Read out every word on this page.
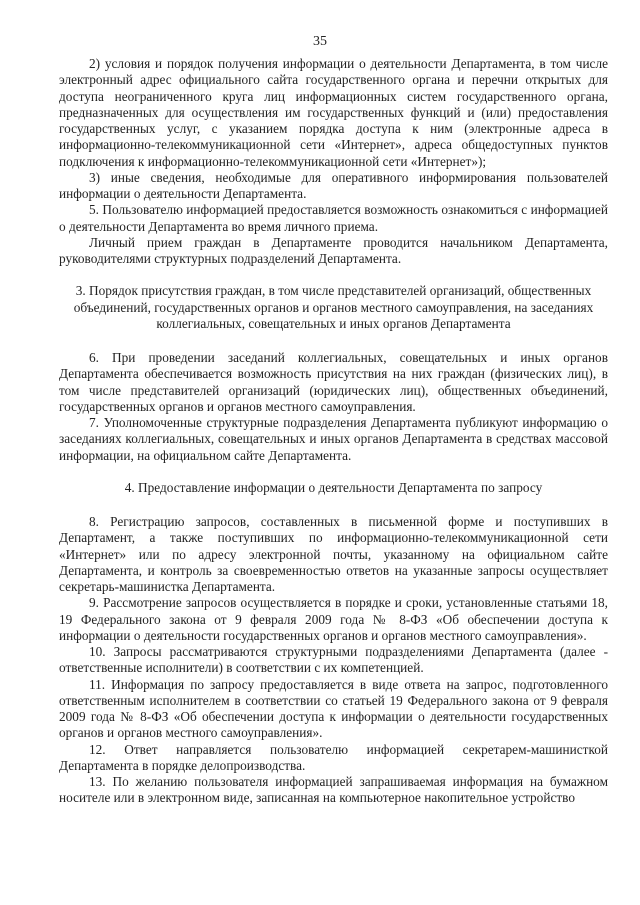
35

2) условия и порядок получения информации о деятельности Департамента, в том числе электронный адрес официального сайта государственного органа и перечни открытых для доступа неограниченного круга лиц информационных систем государственного органа, предназначенных для осуществления им государственных функций и (или) предоставления государственных услуг, с указанием порядка доступа к ним (электронные адреса в информационно-телекоммуникационной сети «Интернет», адреса общедоступных пунктов подключения к информационно-телекоммуникационной сети «Интернет»);

3) иные сведения, необходимые для оперативного информирования пользователей информации о деятельности Департамента.

5. Пользователю информацией предоставляется возможность ознакомиться с информацией о деятельности Департамента во время личного приема.

Личный прием граждан в Департаменте проводится начальником Департамента, руководителями структурных подразделений Департамента.

3. Порядок присутствия граждан, в том числе представителей организаций, общественных объединений, государственных органов и органов местного самоуправления, на заседаниях коллегиальных, совещательных и иных органов Департамента

6. При проведении заседаний коллегиальных, совещательных и иных органов Департамента обеспечивается возможность присутствия на них граждан (физических лиц), в том числе представителей организаций (юридических лиц), общественных объединений, государственных органов и органов местного самоуправления.

7. Уполномоченные структурные подразделения Департамента публикуют информацию о заседаниях коллегиальных, совещательных и иных органов Департамента в средствах массовой информации, на официальном сайте Департамента.

4. Предоставление информации о деятельности Департамента по запросу

8. Регистрацию запросов, составленных в письменной форме и поступивших в Департамент, а также поступивших по информационно-телекоммуникационной сети «Интернет» или по адресу электронной почты, указанному на официальном сайте Департамента, и контроль за своевременностью ответов на указанные запросы осуществляет секретарь-машинистка Департамента.

9. Рассмотрение запросов осуществляется в порядке и сроки, установленные статьями 18, 19 Федерального закона от 9 февраля 2009 года № 8-ФЗ «Об обеспечении доступа к информации о деятельности государственных органов и органов местного самоуправления».

10. Запросы рассматриваются структурными подразделениями Департамента (далее - ответственные исполнители) в соответствии с их компетенцией.

11. Информация по запросу предоставляется в виде ответа на запрос, подготовленного ответственным исполнителем в соответствии со статьей 19 Федерального закона от 9 февраля 2009 года № 8-ФЗ «Об обеспечении доступа к информации о деятельности государственных органов и органов местного самоуправления».

12. Ответ направляется пользователю информацией секретарем-машинисткой Департамента в порядке делопроизводства.

13. По желанию пользователя информацией запрашиваемая информация на бумажном носителе или в электронном виде, записанная на компьютерное накопительное устройство
